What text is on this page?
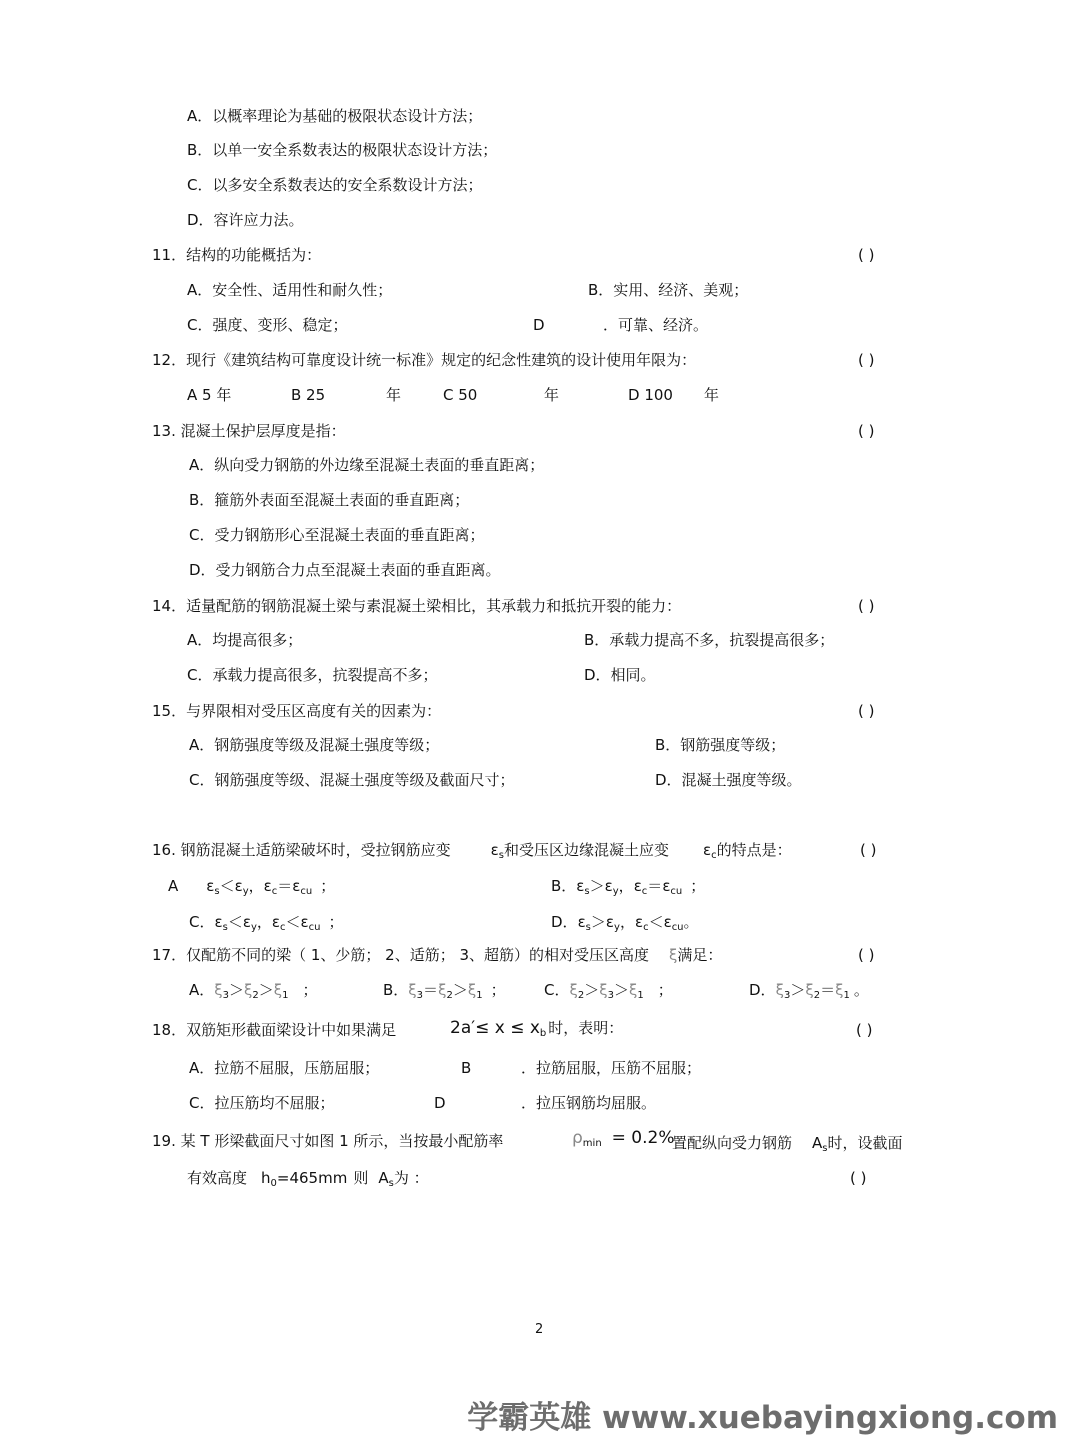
A．以概率理论为基础的极限状态设计方法；
B．以单一安全系数表达的极限状态设计方法；
C．以多安全系数表达的安全系数设计方法；
D．容许应力法。
11．结构的功能概括为：	( )
A．安全性、适用性和耐久性；	B．实用、经济、美观；
C．强度、变形、稳定；	D	．可靠、经济。
12．现行《建筑结构可靠度设计统一标准》规定的纪念性建筑的设计使用年限为：	( )
A 5 年	B 25	年	C 50	年	D 100 年
13. 混凝土保护层厚度是指：	( )
A．纵向受力钢筋的外边缘至混凝土表面的垂直距离；
B．箍筋外表面至混凝土表面的垂直距离；
C．受力钢筋形心至混凝土表面的垂直距离；
D．受力钢筋合力点至混凝土表面的垂直距离。
14．适量配筋的钢筋混凝土梁与素混凝土梁相比，其承载力和抵抗开裂的能力：	( )
A．均提高很多；	B．承载力提高不多，抗裂提高很多；
C．承载力提高很多，抗裂提高不多；	D．相同。
15．与界限相对受压区高度有关的因素为：	( )
A．钢筋强度等级及混凝土强度等级；	B．钢筋强度等级；
C．钢筋强度等级、混凝土强度等级及截面尺寸；	D．混凝土强度等级。
16. 钢筋混凝土适筋梁破坏时，受拉钢筋应变	$\varepsilon_s$和受压区边缘混凝土应变 $\varepsilon_c$的特点是：	( )
A $\varepsilon_s<\varepsilon_y$，$\varepsilon_c=\varepsilon_{cu}$ ；	B．$\varepsilon_s>\varepsilon_y$，$\varepsilon_c=\varepsilon_{cu}$ ；
C．$\varepsilon_s<\varepsilon_y$，$\varepsilon_c<\varepsilon_{cu}$ ；	D．$\varepsilon_s>\varepsilon_y$，$\varepsilon_c<\varepsilon_{cu}$。
17．仅配筋不同的梁（ 1、少筋； 2、适筋； 3、超筋）的相对受压区高度 ξ满足：	( )
A．$\xi_3>\xi_2>\xi_1$ ；	B．$\xi_3=\xi_2>\xi_1$ ；	C．$\xi_2>\xi_3>\xi_1$ ；	D．$\xi_3>\xi_2=\xi_1$ 。
18．双筋矩形截面梁设计中如果满足	$2a'\le x \le x_b$ 时，表明：	( )
A．拉筋不屈服，压筋屈服；	B	．拉筋屈服，压筋不屈服；
C．拉压筋均不屈服；	D	．拉压钢筋均屈服。
19. 某 T 形梁截面尺寸如图 1 所示，当按最小配筋率	$\rho_{min} = 0.2\%$
置配纵向受力钢筋 $A_s$时，设截面
有效高度 $h_0=465mm$ 则 $A_s$为 ：	( )
2
学霸英雄 www.xuebayingxiong.com
